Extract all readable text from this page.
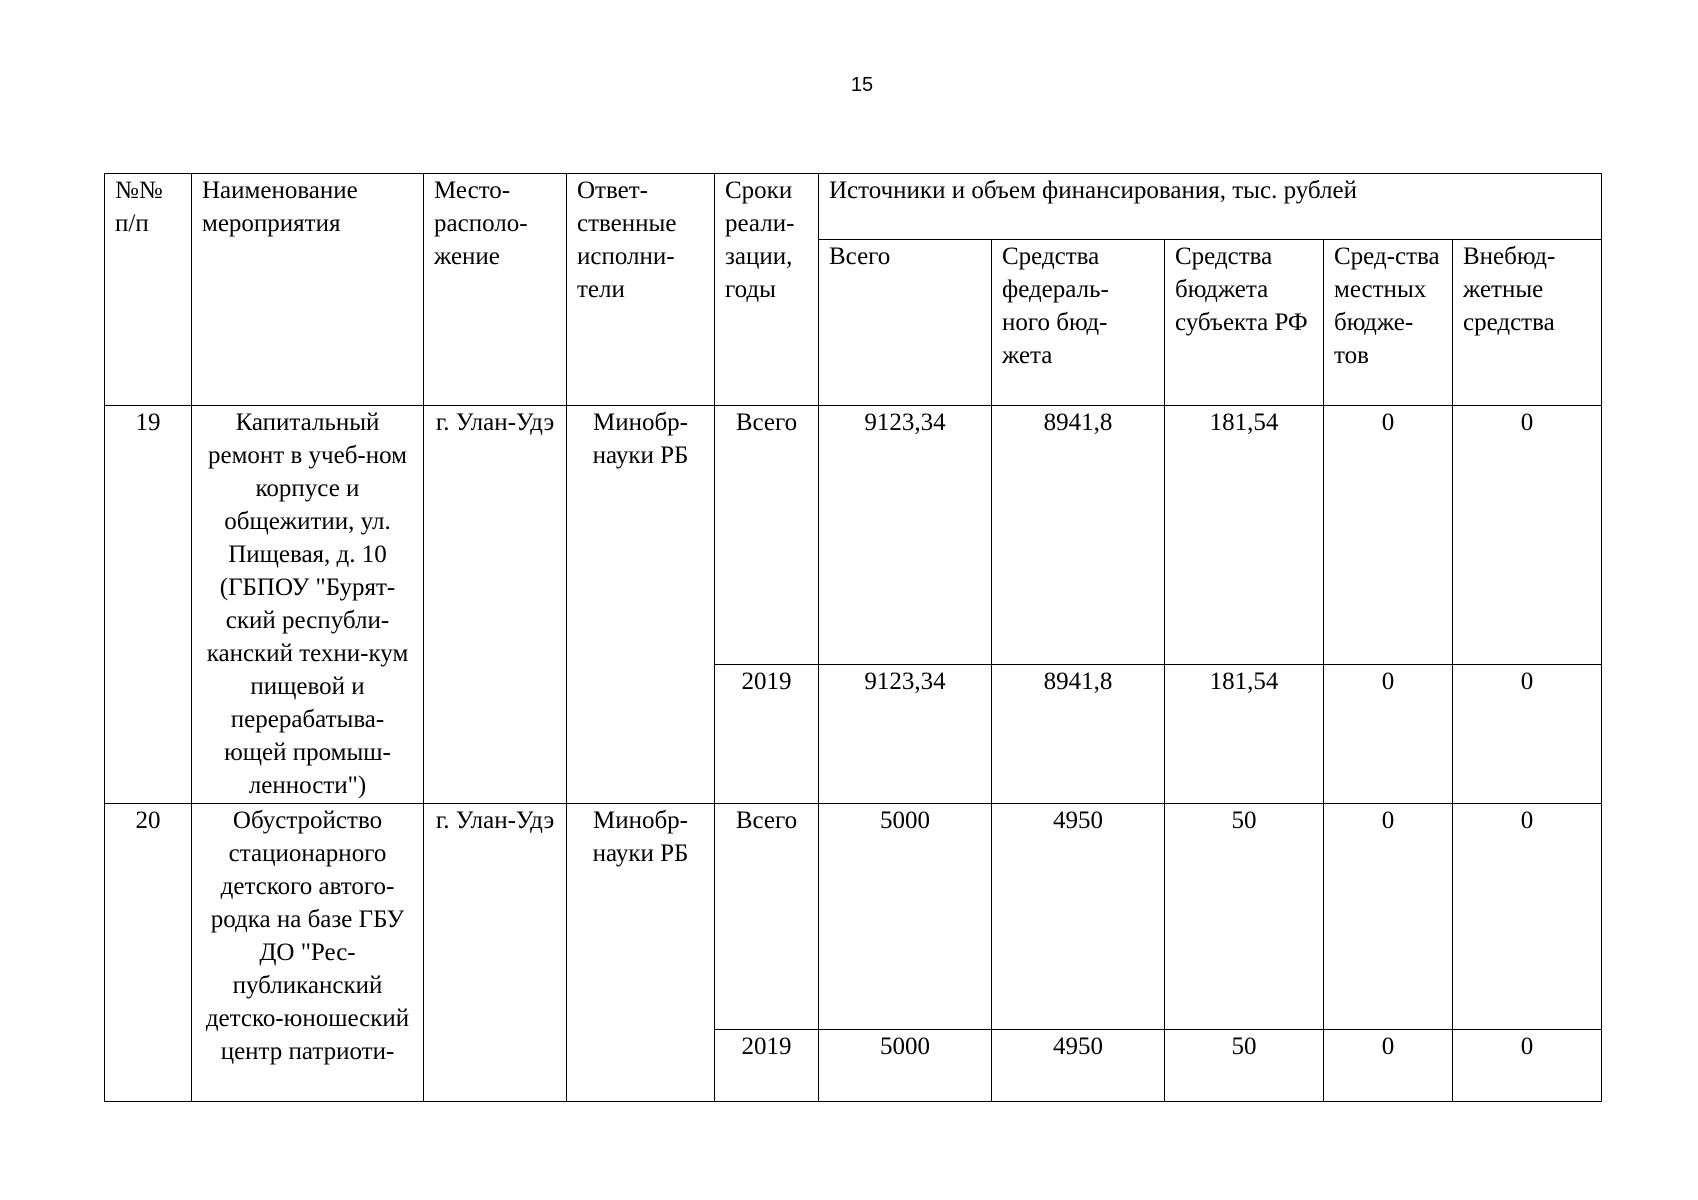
15
№№ п/п	Наименование мероприятия	Место-располо-жение	Ответ-ственные исполни-тели	Сроки реали-зации, годы	Источники и объем финансирования, тыс. рублей				
					Всего	Средства федераль-ного бюд-жета	Средства бюджета субъекта РФ	Сред-ства местных бюдже-тов	Внебюд-жетные средства
19	Капитальный ремонт в учеб-ном корпусе и общежитии, ул. Пищевая, д. 10 (ГБПОУ "Бурят-ский республи-канский техни-кум пищевой и перерабатыва-ющей промыш-ленности")	г. Улан-Удэ	Минобр-науки РБ	Всего	9123,34	8941,8	181,54	0	0
				2019	9123,34	8941,8	181,54	0	0
20	Обустройство стационарного детского автого-родка на базе ГБУ ДО "Рес-публиканский детско-юношеский центр патриоти-	г. Улан-Удэ	Минобр-науки РБ	Всего	5000	4950	50	0	0
				2019	5000	4950	50	0	0
